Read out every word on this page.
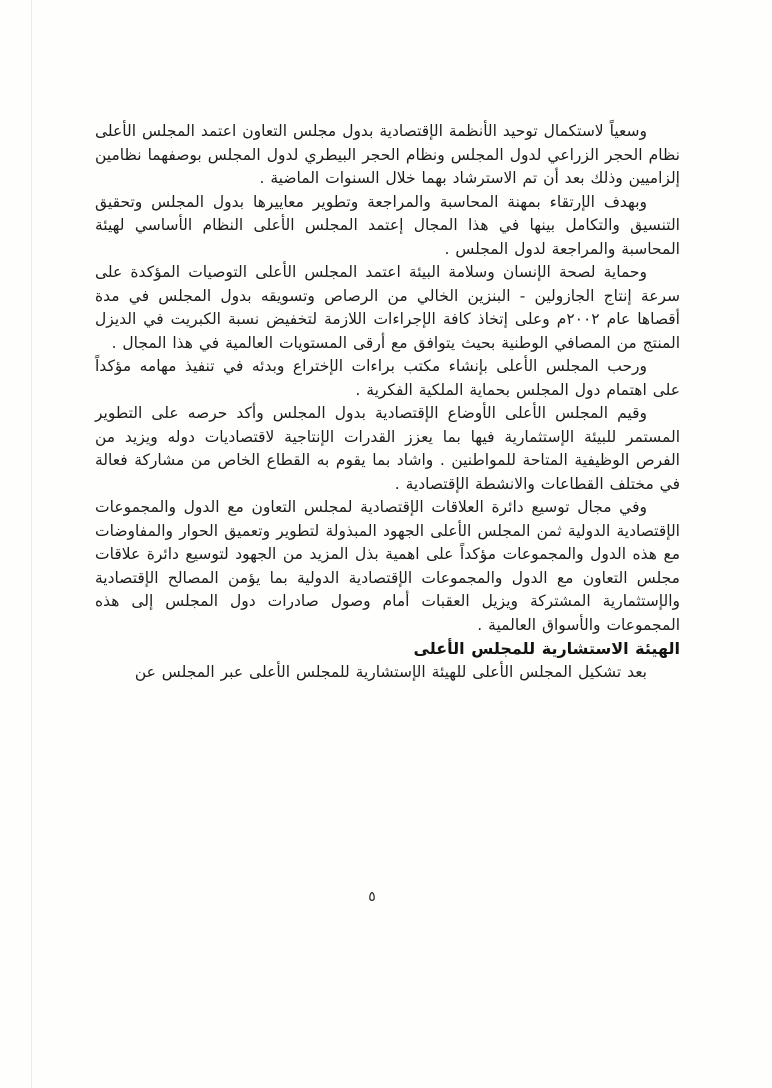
وسعياً لاستكمال توحيد الأنظمة الإقتصادية بدول مجلس التعاون اعتمد المجلس الأعلى نظام الحجر الزراعي لدول المجلس ونظام الحجر البيطري لدول المجلس بوصفهما نظامين إلزاميين وذلك بعد أن تم الاسترشاد بهما خلال السنوات الماضية .

وبهدف الإرتقاء بمهنة المحاسبة والمراجعة وتطوير معاييرها بدول المجلس وتحقيق التنسيق والتكامل بينها في هذا المجال إعتمد المجلس الأعلى النظام الأساسي لهيئة المحاسبة والمراجعة لدول المجلس .

وحماية لصحة الإنسان وسلامة البيئة اعتمد المجلس الأعلى التوصيات المؤكدة على سرعة إنتاج الجازولين - البنزين الخالي من الرصاص وتسويقه بدول المجلس في مدة أقصاها عام ٢٠٠٢م وعلى إتخاذ كافة الإجراءات اللازمة لتخفيض نسبة الكبريت في الديزل المنتج من المصافي الوطنية بحيث يتوافق مع أرقى المستويات العالمية في هذا المجال .

ورحب المجلس الأعلى بإنشاء مكتب براءات الإختراع وبدئه في تنفيذ مهامه مؤكداً على اهتمام دول المجلس بحماية الملكية الفكرية .

وقيم المجلس الأعلى الأوضاع الإقتصادية بدول المجلس وأكد حرصه على التطوير المستمر للبيئة الإستثمارية فيها بما يعزز القدرات الإنتاجية لاقتصاديات دوله ويزيد من الفرص الوظيفية المتاحة للمواطنين . واشاد بما يقوم به القطاع الخاص من مشاركة فعالة في مختلف القطاعات والانشطة الإقتصادية .

وفي مجال توسيع دائرة العلاقات الإقتصادية لمجلس التعاون مع الدول والمجموعات الإقتصادية الدولية ثمن المجلس الأعلى الجهود المبذولة لتطوير وتعميق الحوار والمفاوضات مع هذه الدول والمجموعات مؤكداً على اهمية بذل المزيد من الجهود لتوسيع دائرة علاقات مجلس التعاون مع الدول والمجموعات الإقتصادية الدولية بما يؤمن المصالح الإقتصادية والإستثمارية المشتركة ويزيل العقبات أمام وصول صادرات دول المجلس إلى هذه المجموعات والأسواق العالمية .

الهيئة الاستشارية للمجلس الأعلى

بعد تشكيل المجلس الأعلى للهيئة الإستشارية للمجلس الأعلى عبر المجلس عن

٥
